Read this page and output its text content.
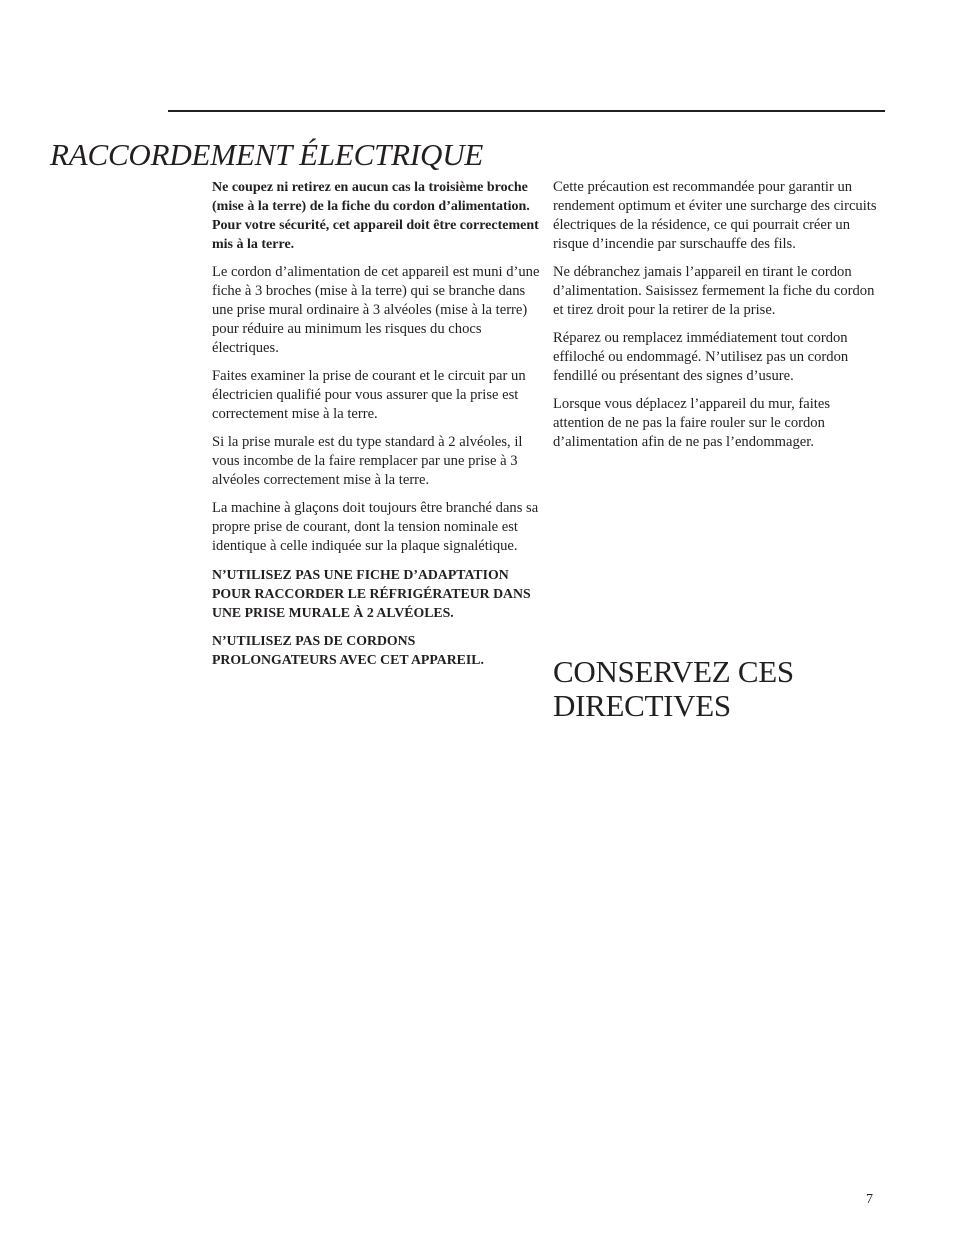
RACCORDEMENT ÉLECTRIQUE

Ne coupez ni retirez en aucun cas la troisième broche (mise à la terre) de la fiche du cordon d’alimentation. Pour votre sécurité, cet appareil doit être correctement mis à la terre.

Le cordon d’alimentation de cet appareil est muni d’une fiche à 3 broches (mise à la terre) qui se branche dans une prise mural ordinaire à 3 alvéoles (mise à la terre) pour réduire au minimum les risques du chocs électriques.

Faites examiner la prise de courant et le circuit par un électricien qualifié pour vous assurer que la prise est correctement mise à la terre.

Si la prise murale est du type standard à 2 alvéoles, il vous incombe de la faire remplacer par une prise à 3 alvéoles correctement mise à la terre.

La machine à glaçons doit toujours être branché dans sa propre prise de courant, dont la tension nominale est identique à celle indiquée sur la plaque signalétique.

N’UTILISEZ PAS UNE FICHE D’ADAPTATION POUR RACCORDER LE RÉFRIGÉRATEUR DANS UNE PRISE MURALE À 2 ALVÉOLES.

N’UTILISEZ PAS DE CORDONS PROLONGATEURS AVEC CET APPAREIL.

Cette précaution est recommandée pour garantir un rendement optimum et éviter une surcharge des circuits électriques de la résidence, ce qui pourrait créer un risque d’incendie par surschauffe des fils.

Ne débranchez jamais l’appareil en tirant le cordon d’alimentation. Saisissez fermement la fiche du cordon et tirez droit pour la retirer de la prise.

Réparez ou remplacez immédiatement tout cordon effiloché ou endommagé. N’utilisez pas un cordon fendillé ou présentant des signes d’usure.

Lorsque vous déplacez l’appareil du mur, faites attention de ne pas la faire rouler sur le cordon d’alimentation afin de ne pas l’endommager.

CONSERVEZ CES DIRECTIVES
7
